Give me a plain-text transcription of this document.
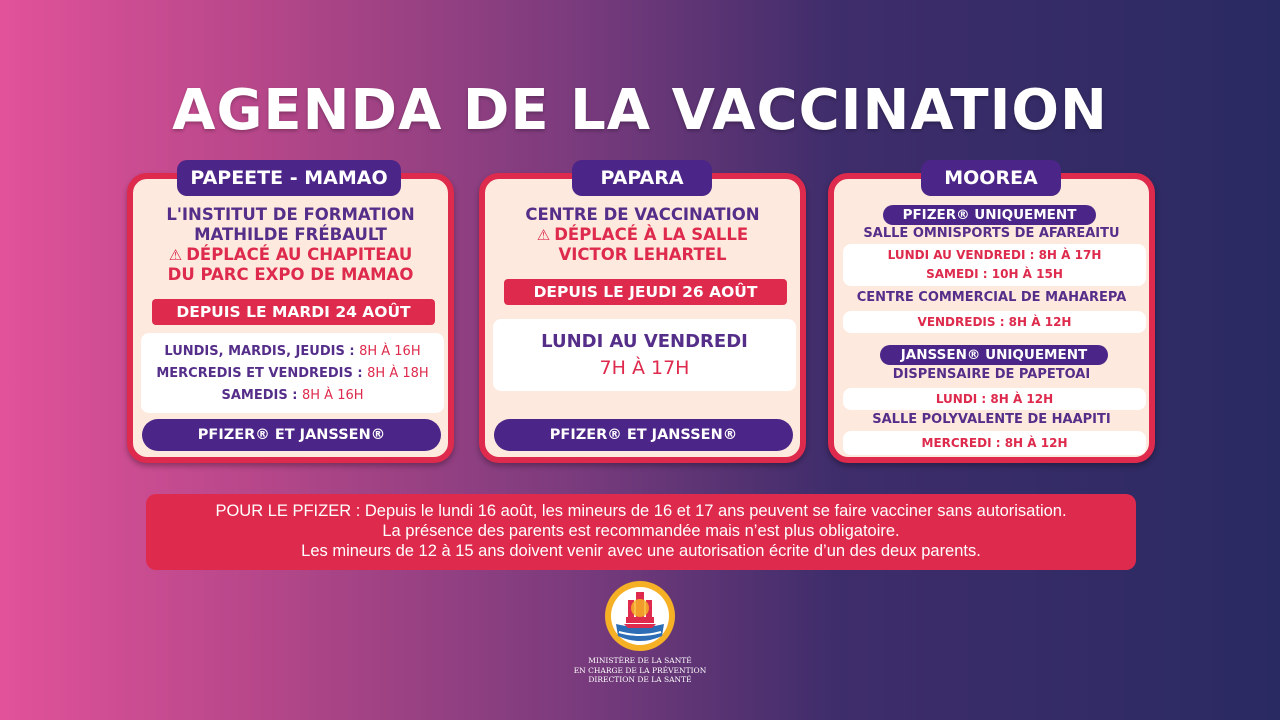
AGENDA DE LA VACCINATION
PAPEETE - MAMAO
L'INSTITUT DE FORMATION
MATHILDE FRÉBAULT
⚠ DÉPLACÉ AU CHAPITEAU
DU PARC EXPO DE MAMAO
DEPUIS LE MARDI 24 AOÛT
LUNDIS, MARDIS, JEUDIS : 8H À 16H
MERCREDIS ET VENDREDIS : 8H À 18H
SAMEDIS : 8H À 16H
PFIZER® ET JANSSEN®
PAPARA
CENTRE DE VACCINATION
⚠ DÉPLACÉ À LA SALLE
VICTOR LEHARTEL
DEPUIS LE JEUDI 26 AOÛT
LUNDI AU VENDREDI
7H À 17H
PFIZER® ET JANSSEN®
MOOREA
PFIZER® UNIQUEMENT
SALLE OMNISPORTS DE AFAREAITU
LUNDI AU VENDREDI : 8H À 17H
SAMEDI : 10H À 15H
CENTRE COMMERCIAL DE MAHAREPA
VENDREDIS : 8H À 12H
JANSSEN® UNIQUEMENT
DISPENSAIRE DE PAPETOAI
LUNDI : 8H À 12H
SALLE POLYVALENTE DE HAAPITI
MERCREDI : 8H À 12H
POUR LE PFIZER : Depuis le lundi 16 août, les mineurs de 16 et 17 ans peuvent se faire vacciner sans autorisation.
La présence des parents est recommandée mais n’est plus obligatoire.
Les mineurs de 12 à 15 ans doivent venir avec une autorisation écrite d’un des deux parents.
MINISTÈRE DE LA SANTÉ
EN CHARGE DE LA PRÉVENTION
DIRECTION DE LA SANTÉ
